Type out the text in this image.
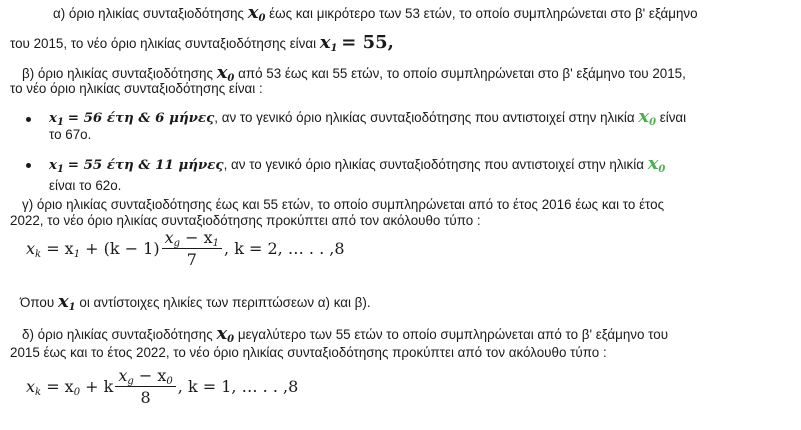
α) όριο ηλικίας συνταξιοδότησης $x_0$ έως και μικρότερο των 53 ετών, το οποίο συμπληρώνεται στο β' εξάμηνο
του 2015, το νέο όριο ηλικίας συνταξιοδότησης είναι $x_1 = 55$,
β) όριο ηλικίας συνταξιοδότησης $x_0$ από 53 έως και 55 ετών, το οποίο συμπληρώνεται στο β' εξάμηνο του 2015,
το νέο όριο ηλικίας συνταξιοδότησης είναι :
$x_1 = 56$ έτη & 6 μήνες, αν το γενικό όριο ηλικίας συνταξιοδότησης που αντιστοιχεί στην ηλικία $x_0$ είναι
το 67ο.
$x_1 = 55$ έτη & 11 μήνες, αν το γενικό όριο ηλικίας συνταξιοδότησης που αντιστοιχεί στην ηλικία $x_0$
είναι το 62ο.
γ) όριο ηλικίας συνταξιοδότησης έως και 55 ετών, το οποίο συμπληρώνεται από το έτος 2016 έως και το έτος
2022, το νέο όριο ηλικίας συνταξιοδότησης προκύπτει από τον ακόλουθο τύπο :
$x_k = x_1 + (k - 1) \frac{x_g - x_1}{7}$ , k = 2, … . . ,8
Όπου $x_1$ οι αντίστοιχες ηλικίες των περιπτώσεων α) και β).
δ) όριο ηλικίας συνταξιοδότησης $x_0$ μεγαλύτερο των 55 ετών το οποίο συμπληρώνεται από το β' εξάμηνο του
2015 έως και το έτος 2022, το νέο όριο ηλικίας συνταξιοδότησης προκύπτει από τον ακόλουθο τύπο :
$x_k = x_0 + k \frac{x_g - x_0}{8}$ , k = 1, … . . ,8
